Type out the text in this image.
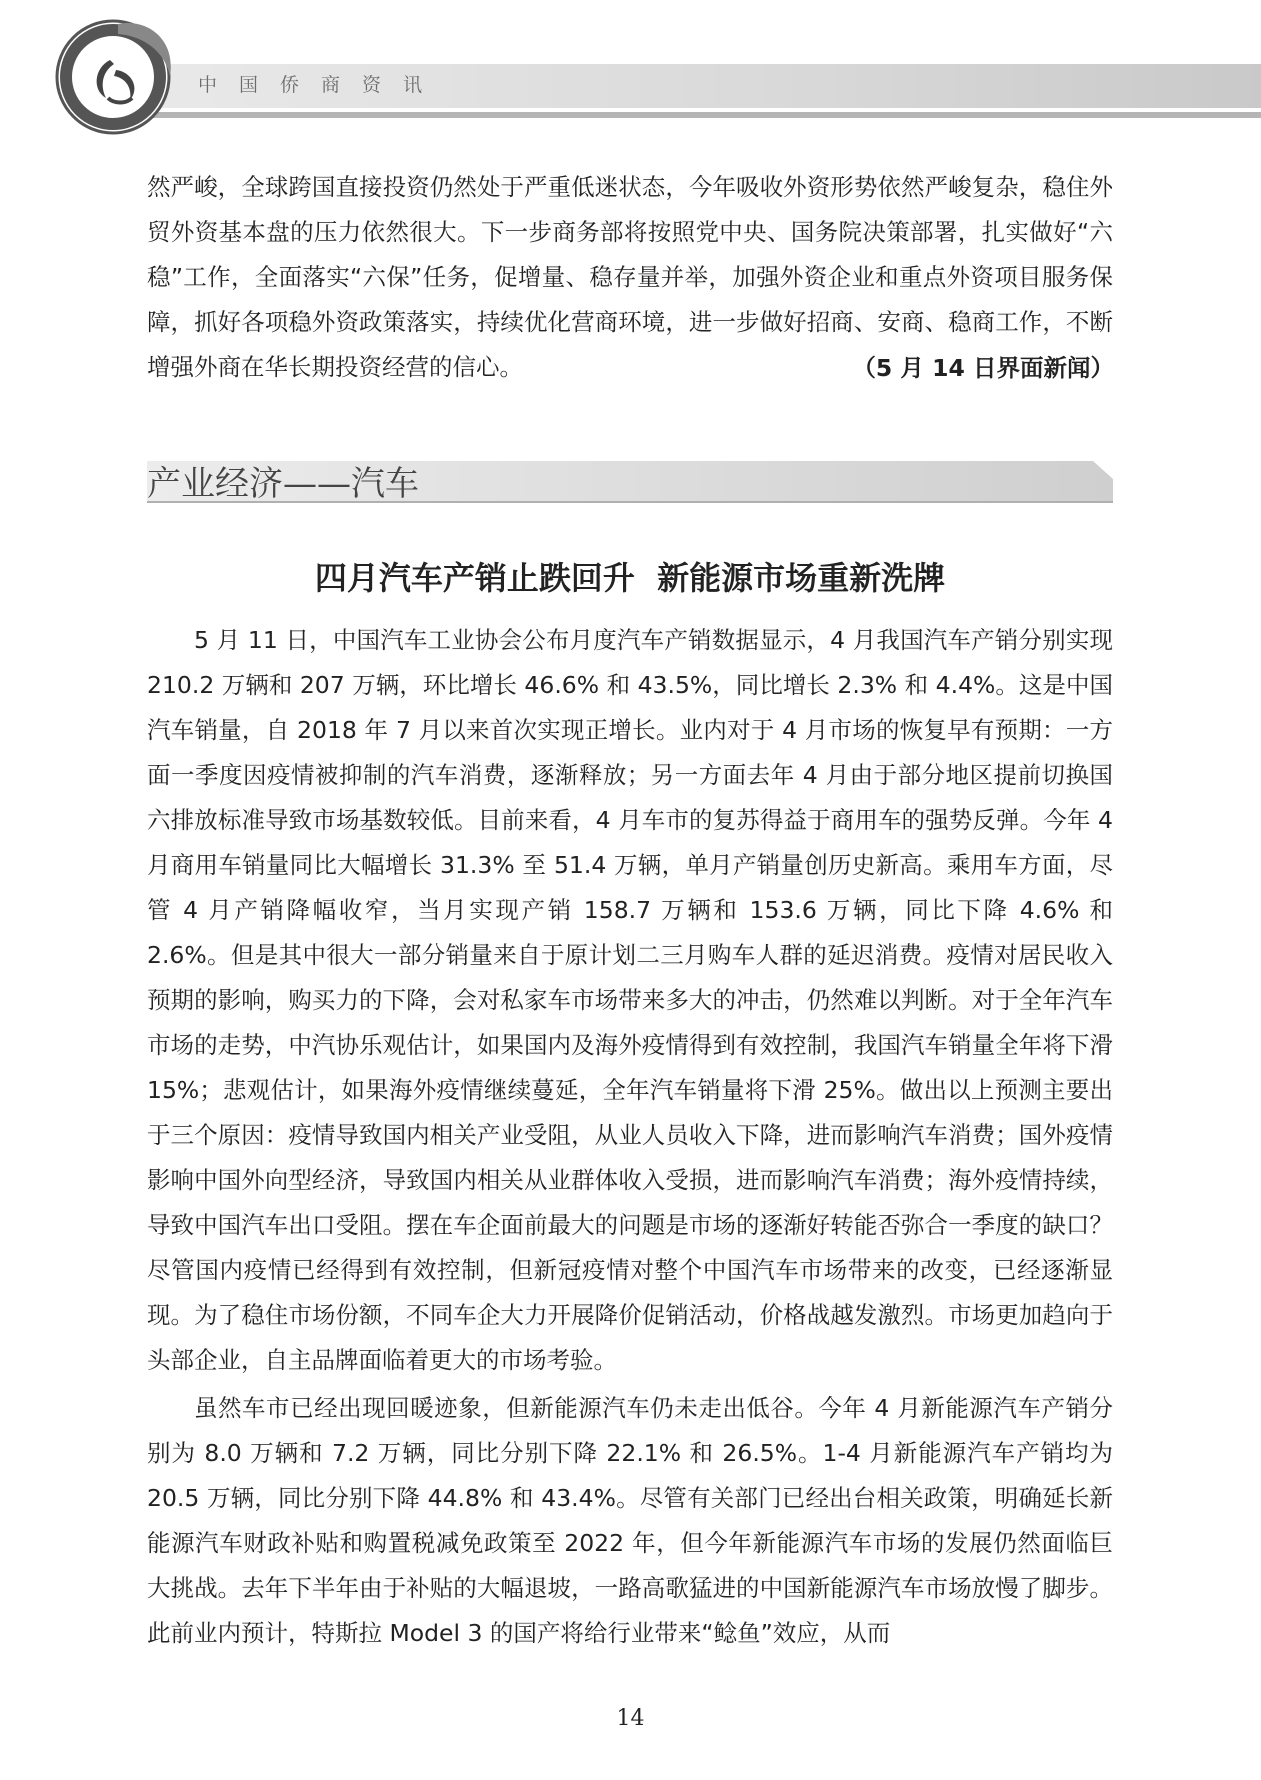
中国侨商资讯

然严峻，全球跨国直接投资仍然处于严重低迷状态，今年吸收外资形势依然严峻复杂，稳住外贸外资基本盘的压力依然很大。下一步商务部将按照党中央、国务院决策部署，扎实做好“六稳”工作，全面落实“六保”任务，促增量、稳存量并举，加强外资企业和重点外资项目服务保障，抓好各项稳外资政策落实，持续优化营商环境，进一步做好招商、安商、稳商工作，不断增强外商在华长期投资经营的信心。	（5 月 14 日界面新闻）
产业经济——汽车
四月汽车产销止跌回升  新能源市场重新洗牌

5 月 11 日，中国汽车工业协会公布月度汽车产销数据显示，4 月我国汽车产销分别实现 210.2 万辆和 207 万辆，环比增长 46.6% 和 43.5%，同比增长 2.3% 和 4.4%。这是中国汽车销量，自 2018 年 7 月以来首次实现正增长。业内对于 4 月市场的恢复早有预期：一方面一季度因疫情被抑制的汽车消费，逐渐释放；另一方面去年 4 月由于部分地区提前切换国六排放标准导致市场基数较低。目前来看，4 月车市的复苏得益于商用车的强势反弹。今年 4 月商用车销量同比大幅增长 31.3% 至 51.4 万辆，单月产销量创历史新高。乘用车方面，尽管 4 月产销降幅收窄，当月实现产销 158.7 万辆和 153.6 万辆，同比下降 4.6% 和 2.6%。但是其中很大一部分销量来自于原计划二三月购车人群的延迟消费。疫情对居民收入预期的影响，购买力的下降，会对私家车市场带来多大的冲击，仍然难以判断。对于全年汽车市场的走势，中汽协乐观估计，如果国内及海外疫情得到有效控制，我国汽车销量全年将下滑 15%；悲观估计，如果海外疫情继续蔓延，全年汽车销量将下滑 25%。做出以上预测主要出于三个原因：疫情导致国内相关产业受阻，从业人员收入下降，进而影响汽车消费；国外疫情影响中国外向型经济，导致国内相关从业群体收入受损，进而影响汽车消费；海外疫情持续，导致中国汽车出口受阻。摆在车企面前最大的问题是市场的逐渐好转能否弥合一季度的缺口？尽管国内疫情已经得到有效控制，但新冠疫情对整个中国汽车市场带来的改变，已经逐渐显现。为了稳住市场份额，不同车企大力开展降价促销活动，价格战越发激烈。市场更加趋向于头部企业，自主品牌面临着更大的市场考验。

虽然车市已经出现回暖迹象，但新能源汽车仍未走出低谷。今年 4 月新能源汽车产销分别为 8.0 万辆和 7.2 万辆，同比分别下降 22.1% 和 26.5%。1-4 月新能源汽车产销均为 20.5 万辆，同比分别下降 44.8% 和 43.4%。尽管有关部门已经出台相关政策，明确延长新能源汽车财政补贴和购置税减免政策至 2022 年，但今年新能源汽车市场的发展仍然面临巨大挑战。去年下半年由于补贴的大幅退坡，一路高歌猛进的中国新能源汽车市场放慢了脚步。此前业内预计，特斯拉 Model 3 的国产将给行业带来“鲶鱼”效应，从而

14
